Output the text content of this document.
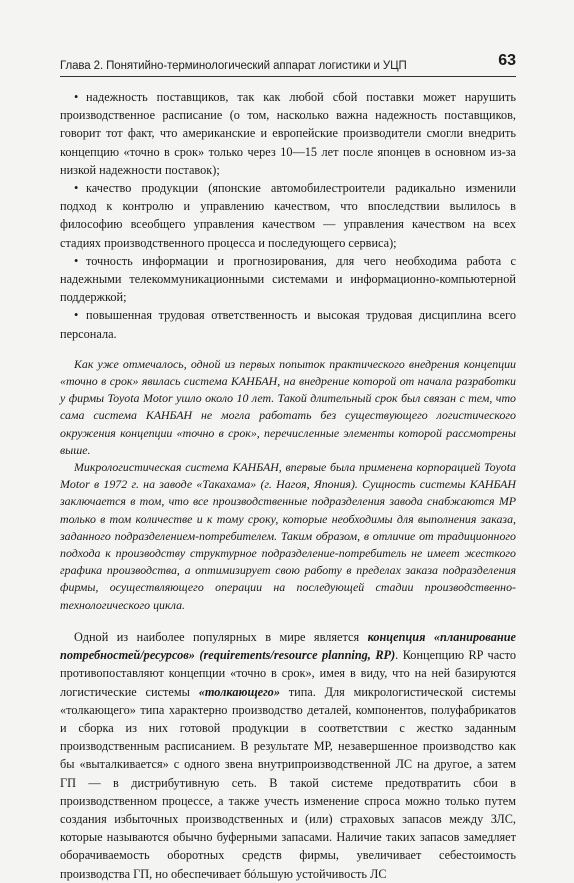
Глава 2. Понятийно-терминологический аппарат логистики и УЦП	63

• надежность поставщиков, так как любой сбой поставки может нарушить производственное расписание (о том, насколько важна надежность поставщиков, говорит тот факт, что американские и европейские производители смогли внедрить концепцию «точно в срок» только через 10—15 лет после японцев в основном из-за низкой надежности поставок);

• качество продукции (японские автомобилестроители радикально изменили подход к контролю и управлению качеством, что впоследствии вылилось в философию всеобщего управления качеством — управления качеством на всех стадиях производственного процесса и последующего сервиса);

• точность информации и прогнозирования, для чего необходима работа с надежными телекоммуникационными системами и информационно-компьютерной поддержкой;

• повышенная трудовая ответственность и высокая трудовая дисциплина всего персонала.

Как уже отмечалось, одной из первых попыток практического внедрения концепции «точно в срок» явилась система КАНБАН, на внедрение которой от начала разработки у фирмы Toyota Motor ушло около 10 лет. Такой длительный срок был связан с тем, что сама система КАНБАН не могла работать без существующего логистического окружения концепции «точно в срок», перечисленные элементы которой рассмотрены выше.

Микрологистическая система КАНБАН, впервые была применена корпорацией Toyota Motor в 1972 г. на заводе «Такахама» (г. Нагоя, Япония). Сущность системы КАНБАН заключается в том, что все производственные подразделения завода снабжаются МР только в том количестве и к тому сроку, которые необходимы для выполнения заказа, заданного подразделением-потребителем. Таким образом, в отличие от традиционного подхода к производству структурное подразделение-потребитель не имеет жесткого графика производства, а оптимизирует свою работу в пределах заказа подразделения фирмы, осуществляющего операции на последующей стадии производственно-технологического цикла.

Одной из наиболее популярных в мире является концепция «планирование потребностей/ресурсов» (requirements/resource planning, RP). Концепцию RP часто противопоставляют концепции «точно в срок», имея в виду, что на ней базируются логистические системы «толкающего» типа. Для микрологистической системы «толкающего» типа характерно производство деталей, компонентов, полуфабрикатов и сборка из них готовой продукции в соответствии с жестко заданным производственным расписанием. В результате МР, незавершенное производство как бы «выталкивается» с одного звена внутрипроизводственной ЛС на другое, а затем ГП — в дистрибутивную сеть. В такой системе предотвратить сбои в производственном процессе, а также учесть изменение спроса можно только путем создания избыточных производственных и (или) страховых запасов между ЗЛС, которые называются обычно буферными запасами. Наличие таких запасов замедляет оборачиваемость оборотных средств фирмы, увеличивает себестоимость производства ГП, но обеспечивает бóльшую устойчивость ЛС
